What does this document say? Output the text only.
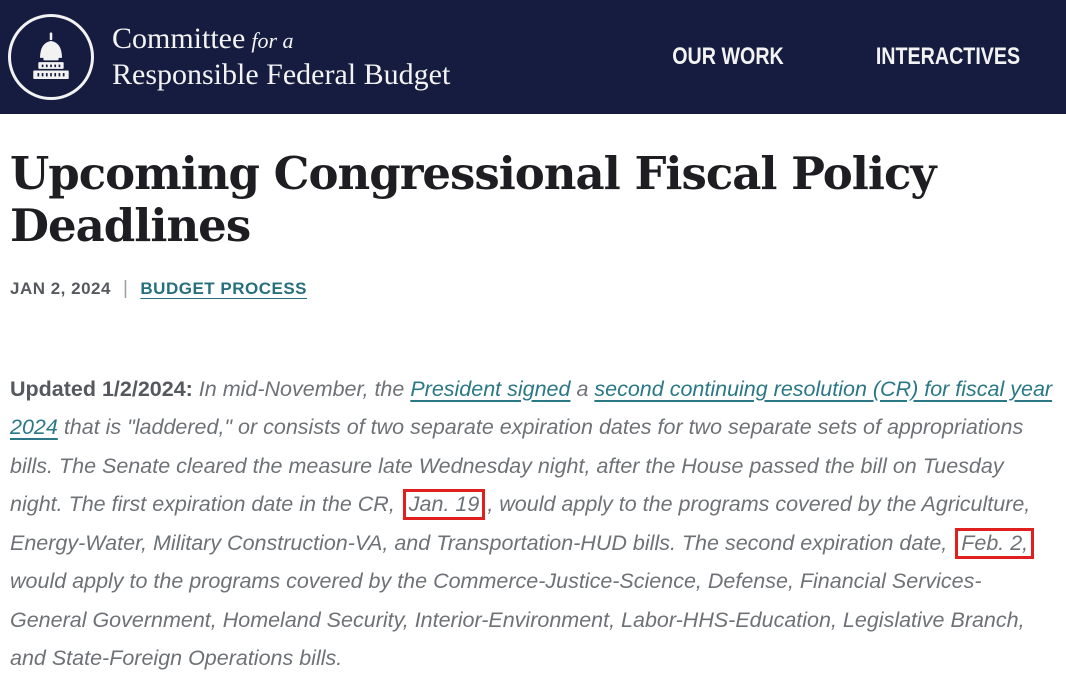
Committee for a
Responsible Federal Budget
OUR WORK	INTERACTIVES
Upcoming Congressional Fiscal Policy Deadlines
JAN 2, 2024 | BUDGET PROCESS

Updated 1/2/2024: In mid-November, the President signed a second continuing resolution (CR) for fiscal year 2024 that is "laddered," or consists of two separate expiration dates for two separate sets of appropriations bills. The Senate cleared the measure late Wednesday night, after the House passed the bill on Tuesday night. The first expiration date in the CR, Jan. 19 , would apply to the programs covered by the Agriculture, Energy-Water, Military Construction-VA, and Transportation-HUD bills. The second expiration date, Feb. 2, would apply to the programs covered by the Commerce-Justice-Science, Defense, Financial Services-General Government, Homeland Security, Interior-Environment, Labor-HHS-Education, Legislative Branch, and State-Foreign Operations bills.
